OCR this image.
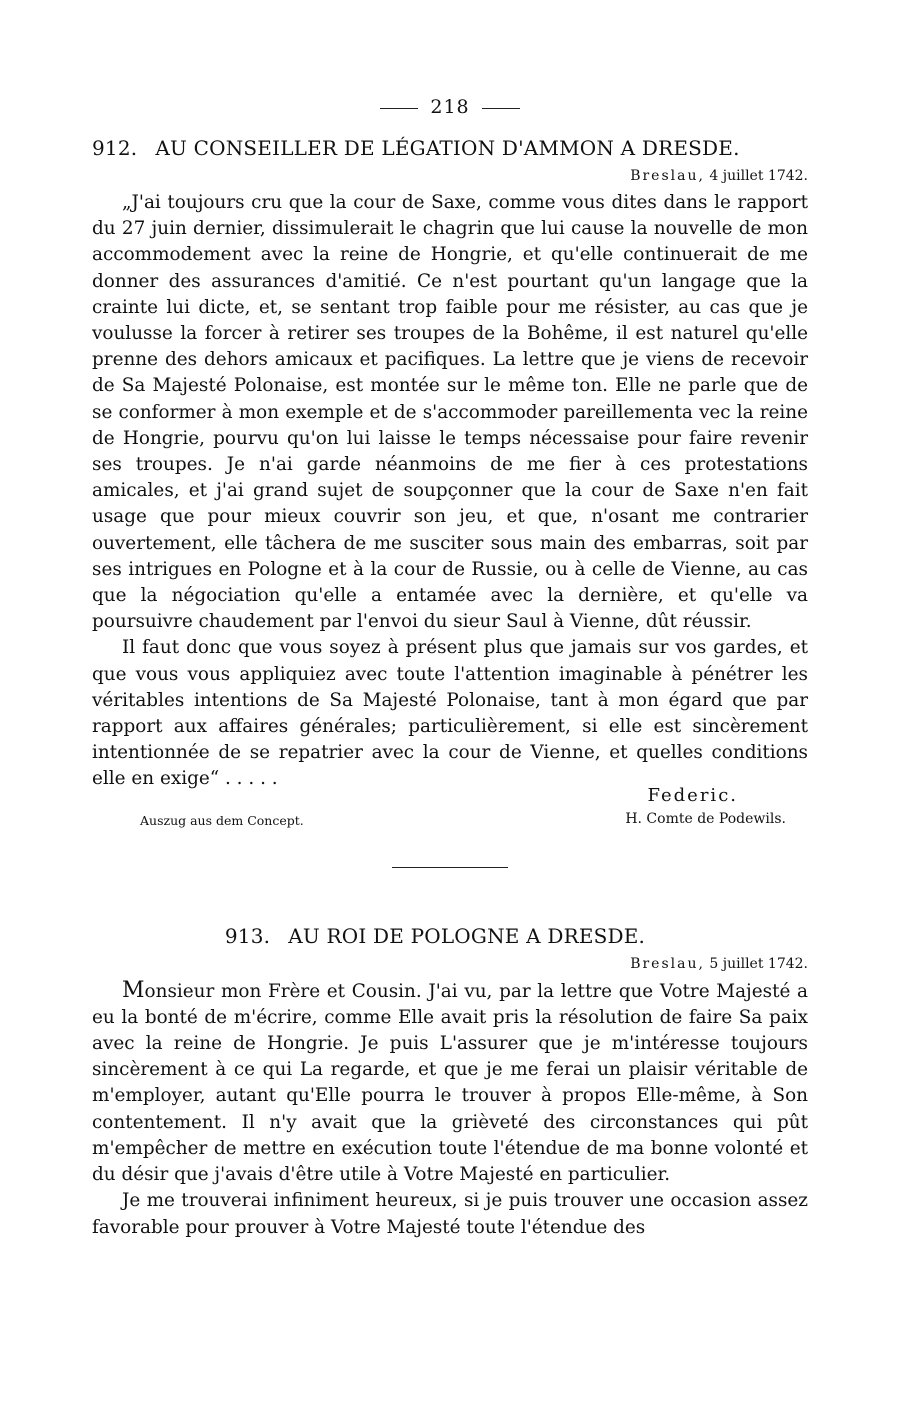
218
912. AU CONSEILLER DE LÉGATION D'AMMON A DRESDE.
Breslau, 4 juillet 1742.

„J'ai toujours cru que la cour de Saxe, comme vous dites dans le rapport du 27 juin dernier, dissimulerait le chagrin que lui cause la nouvelle de mon accommodement avec la reine de Hongrie, et qu'elle continuerait de me donner des assurances d'amitié. Ce n'est pourtant qu'un langage que la crainte lui dicte, et, se sentant trop faible pour me résister, au cas que je voulusse la forcer à retirer ses troupes de la Bohême, il est naturel qu'elle prenne des dehors amicaux et pacifiques. La lettre que je viens de recevoir de Sa Majesté Polonaise, est montée sur le même ton. Elle ne parle que de se conformer à mon exemple et de s'accommoder pareillementa vec la reine de Hongrie, pourvu qu'on lui laisse le temps nécessaise pour faire revenir ses troupes. Je n'ai garde néanmoins de me fier à ces protestations amicales, et j'ai grand sujet de soupçonner que la cour de Saxe n'en fait usage que pour mieux couvrir son jeu, et que, n'osant me contrarier ouvertement, elle tâchera de me susciter sous main des embarras, soit par ses intrigues en Pologne et à la cour de Russie, ou à celle de Vienne, au cas que la négociation qu'elle a entamée avec la dernière, et qu'elle va poursuivre chaudement par l'envoi du sieur Saul à Vienne, dût réussir.

Il faut donc que vous soyez à présent plus que jamais sur vos gardes, et que vous vous appliquiez avec toute l'attention imaginable à pénétrer les véritables intentions de Sa Majesté Polonaise, tant à mon égard que par rapport aux affaires générales; particulièrement, si elle est sincèrement intentionnée de se repatrier avec la cour de Vienne, et quelles conditions elle en exige“ . . . . .

Federic.
Auszug aus dem Concept.	H. Comte de Podewils.
913. AU ROI DE POLOGNE A DRESDE.
Breslau, 5 juillet 1742.

Monsieur mon Frère et Cousin. J'ai vu, par la lettre que Votre Majesté a eu la bonté de m'écrire, comme Elle avait pris la résolution de faire Sa paix avec la reine de Hongrie. Je puis L'assurer que je m'intéresse toujours sincèrement à ce qui La regarde, et que je me ferai un plaisir véritable de m'employer, autant qu'Elle pourra le trouver à propos Elle-même, à Son contentement. Il n'y avait que la grièveté des circonstances qui pût m'empêcher de mettre en exécution toute l'étendue de ma bonne volonté et du désir que j'avais d'être utile à Votre Majesté en particulier.

Je me trouverai infiniment heureux, si je puis trouver une occasion assez favorable pour prouver à Votre Majesté toute l'étendue des
